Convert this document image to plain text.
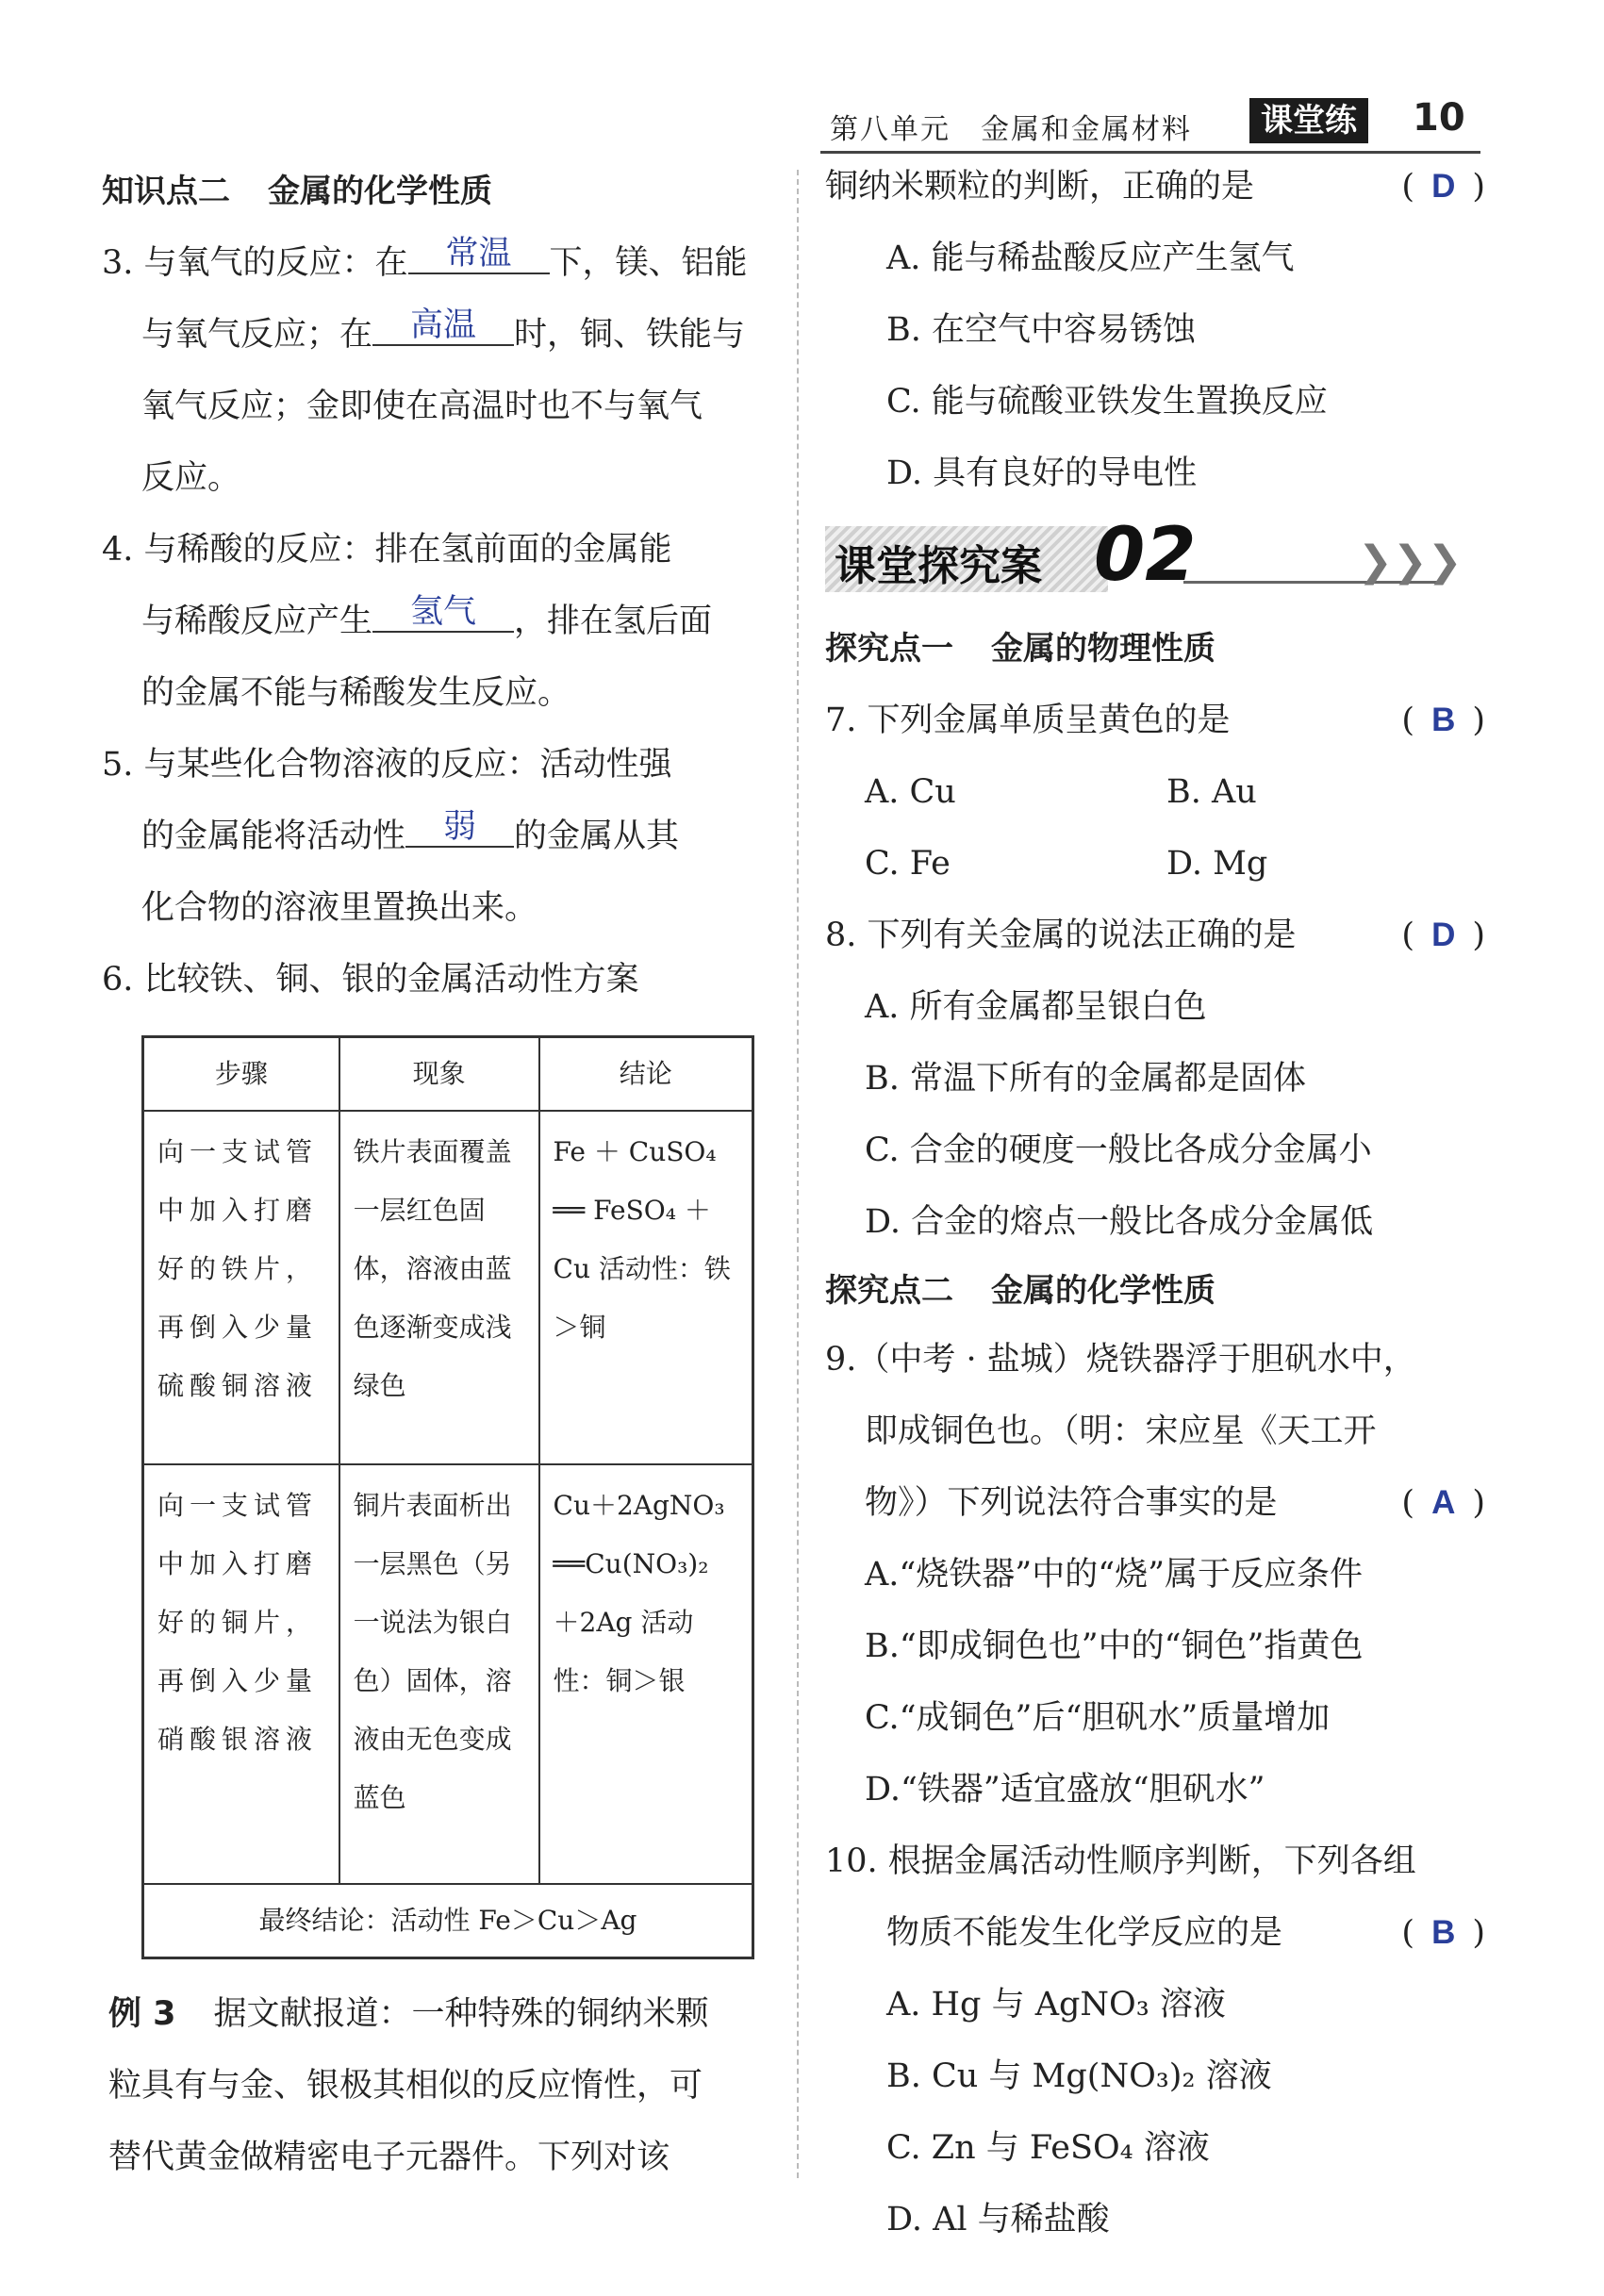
第八单元　金属和金属材料	课堂练	10
知识点二 金属的化学性质

3. 与氧气的反应：在 常温 下，镁、铝能

与氧气反应；在 高温 时，铜、铁能与

氧气反应；金即使在高温时也不与氧气

反应。

4. 与稀酸的反应：排在氢前面的金属能

与稀酸反应产生 氢气 ，排在氢后面

的金属不能与稀酸发生反应。

5. 与某些化合物溶液的反应：活动性强

的金属能将活动性 弱 的金属从其

化合物的溶液里置换出来。

6. 比较铁、铜、银的金属活动性方案

步骤	现象	结论
向一支试管中加入打磨好的铁片，再倒入少量硫酸铜溶液	铁片表面覆盖一层红色固体，溶液由蓝色逐渐变成浅绿色	Fe ＋ CuSO₄ ══ FeSO₄ ＋ Cu 活动性：铁＞铜
向一支试管中加入打磨好的铜片，再倒入少量硝酸银溶液	铜片表面析出一层黑色（另一说法为银白色）固体，溶液由无色变成蓝色	Cu＋2AgNO₃ ══Cu(NO₃)₂ ＋2Ag 活动性：铜＞银
最终结论：活动性 Fe＞Cu＞Ag		

例 3 据文献报道：一种特殊的铜纳米颗

粒具有与金、银极其相似的反应惰性，可

替代黄金做精密电子元器件。下列对该

铜纳米颗粒的判断，正确的是	( D )

A. 能与稀盐酸反应产生氢气

B. 在空气中容易锈蚀

C. 能与硫酸亚铁发生置换反应

D. 具有良好的导电性

课堂探究案 02	❯❯❯
探究点一 金属的物理性质

7. 下列金属单质呈黄色的是	( B )

A. Cu	B. Au

C. Fe	D. Mg

8. 下列有关金属的说法正确的是	( D )

A. 所有金属都呈银白色

B. 常温下所有的金属都是固体

C. 合金的硬度一般比各成分金属小

D. 合金的熔点一般比各成分金属低

探究点二 金属的化学性质

9.（中考 · 盐城）烧铁器浮于胆矾水中，

即成铜色也。（明：宋应星《天工开

物》）下列说法符合事实的是	( A )

A.“烧铁器”中的“烧”属于反应条件

B.“即成铜色也”中的“铜色”指黄色

C.“成铜色”后“胆矾水”质量增加

D.“铁器”适宜盛放“胆矾水”

10. 根据金属活动性顺序判断，下列各组

物质不能发生化学反应的是	( B )

A. Hg 与 AgNO₃ 溶液

B. Cu 与 Mg(NO₃)₂ 溶液

C. Zn 与 FeSO₄ 溶液

D. Al 与稀盐酸
